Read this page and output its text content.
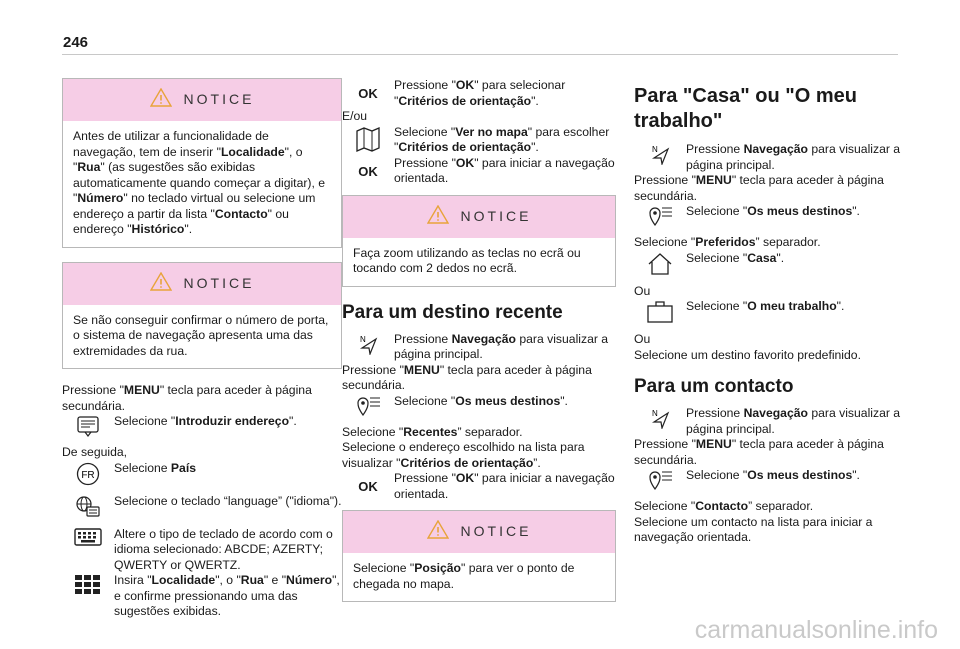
246
NOTICE
Antes de utilizar a funcionalidade de navegação, tem de inserir "Localidade", o "Rua" (as sugestões são exibidas automaticamente quando começar a digitar), e "Número" no teclado virtual ou selecione um endereço a partir da lista "Contacto" ou endereço "Histórico".
NOTICE
Se não conseguir confirmar o número de porta, o sistema de navegação apresenta uma das extremidades da rua.

Pressione "MENU" tecla para aceder à página secundária.

Selecione "Introduzir endereço".

De seguida,

FR
Selecione País
Selecione o teclado “language” ("idioma").
Altere o tipo de teclado de acordo com o idioma selecionado: ABCDE; AZERTY; QWERTY or QWERTZ.
Insira "Localidade", o "Rua" e "Número", e confirme pressionando uma das sugestões exibidas.
OK
Pressione "OK" para selecionar "Critérios de orientação".

E/ou

Selecione "Ver no mapa" para escolher "Critérios de orientação".
OK
Pressione "OK" para iniciar a navegação orientada.
NOTICE
Faça zoom utilizando as teclas no ecrã ou tocando com 2 dedos no ecrã.
Para um destino recente
N Pressione Navegação para visualizar a página principal.

Pressione "MENU" tecla para aceder à página secundária.

Selecione "Os meus destinos".

Selecione "Recentes” separador.

Selecione o endereço escolhido na lista para visualizar "Critérios de orientação”.

OK
Pressione "OK" para iniciar a navegação orientada.
NOTICE
Selecione "Posição" para ver o ponto de chegada no mapa.
Para "Casa" ou "O meu trabalho"
N Pressione Navegação para visualizar a página principal.

Pressione "MENU" tecla para aceder à página secundária.

Selecione "Os meus destinos".

Selecione "Preferidos” separador.

Selecione "Casa".

Ou

Selecione "O meu trabalho".

Ou

Selecione um destino favorito predefinido.

Para um contacto
N Pressione Navegação para visualizar a página principal.

Pressione "MENU" tecla para aceder à página secundária.

Selecione "Os meus destinos".

Selecione "Contacto” separador.

Selecione um contacto na lista para iniciar a navegação orientada.

carmanualsonline.info
